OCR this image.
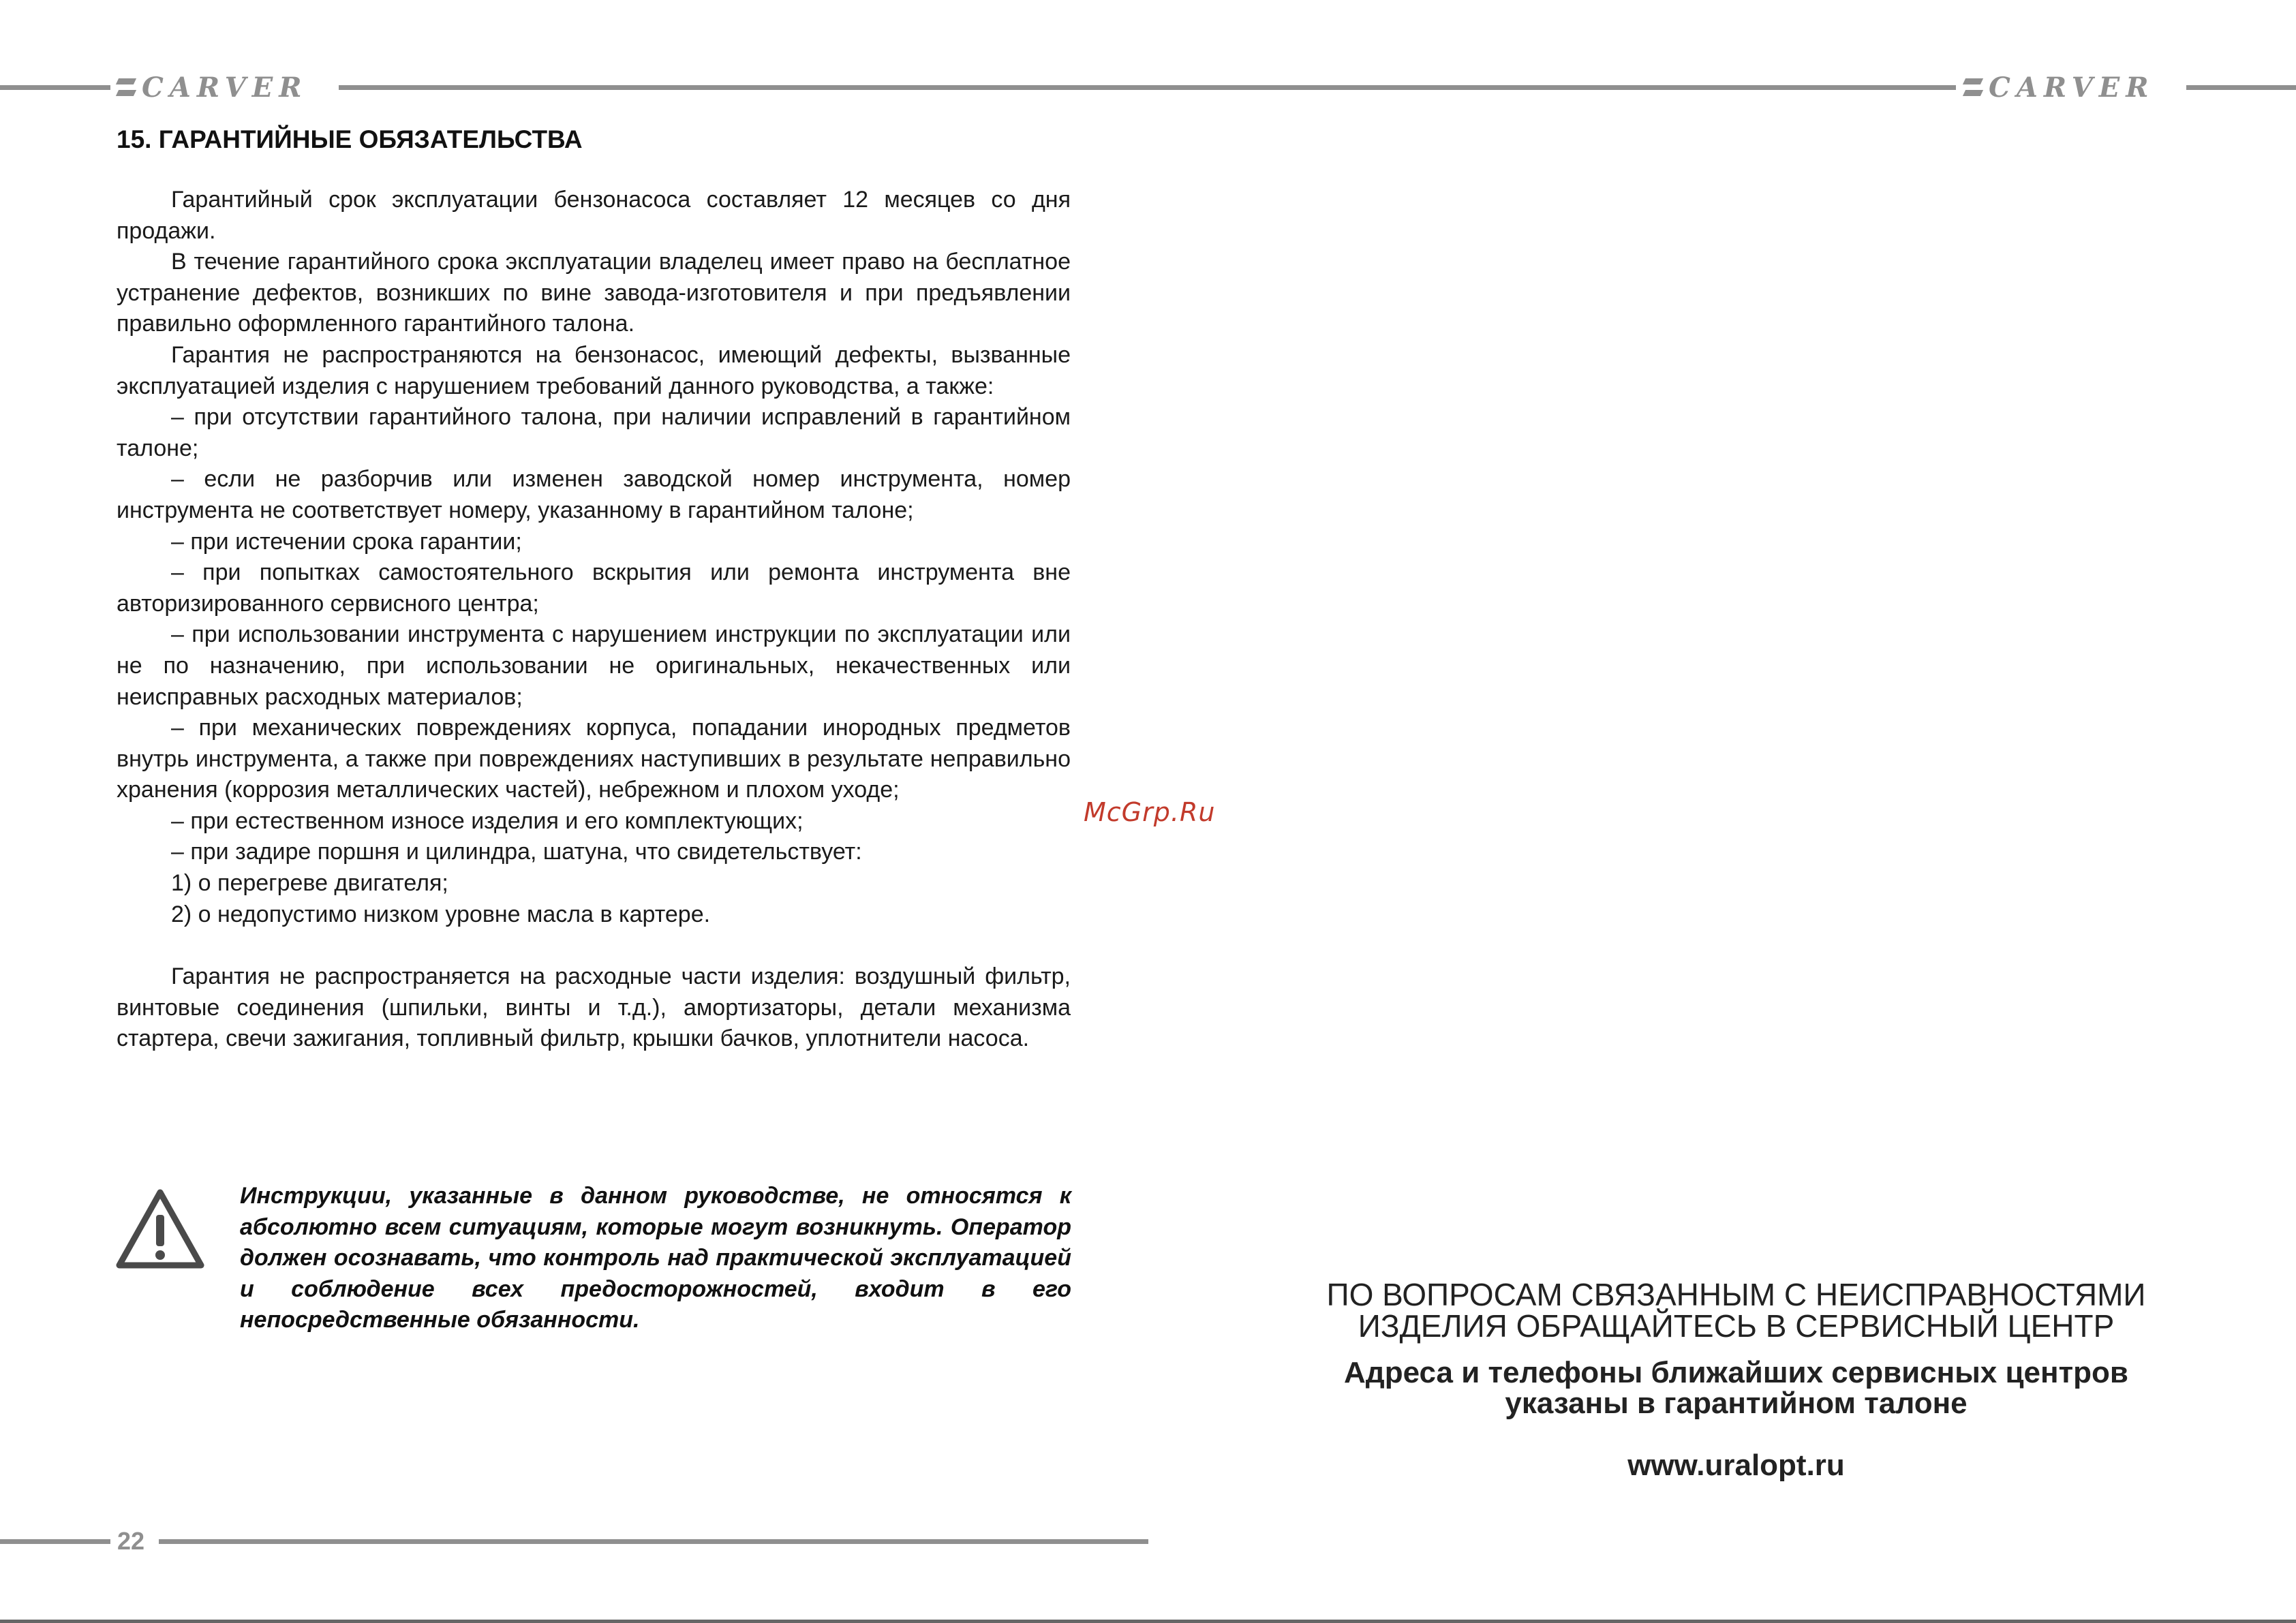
CARVER	CARVER
15. ГАРАНТИЙНЫЕ ОБЯЗАТЕЛЬСТВА

Гарантийный срок эксплуатации бензонасоса составляет 12 месяцев со дня продажи.

В течение гарантийного срока эксплуатации владелец имеет право на бесплатное устранение дефектов, возникших по вине завода-изготовителя и при предъявлении правильно оформленного гарантийного талона.

Гарантия не распространяются на бензонасос, имеющий дефекты, вызванные эксплуатацией изделия с нарушением требований данного руководства, а также:

– при отсутствии гарантийного талона, при наличии исправлений в гарантийном талоне;

– если не разборчив или изменен заводской номер инструмента, номер инструмента не соответствует номеру, указанному в гарантийном талоне;

– при истечении срока гарантии;

– при попытках самостоятельного вскрытия или ремонта инструмента вне авторизированного сервисного центра;

– при использовании инструмента с нарушением инструкции по эксплуатации или не по назначению, при использовании не оригинальных, некачественных или неисправных расходных материалов;

– при механических повреждениях корпуса, попадании инородных предметов внутрь инструмента, а также при повреждениях наступивших в результате неправильно хранения (коррозия металлических частей), небрежном и плохом уходе;

– при естественном износе изделия и его комплектующих;

– при задире поршня и цилиндра, шатуна, что свидетельствует:

1) о перегреве двигателя;

2) о недопустимо низком уровне масла в картере.

Гарантия не распространяется на расходные части изделия: воздушный фильтр, винтовые соединения (шпильки, винты и т.д.), амортизаторы, детали механизма стартера, свечи зажигания, топливный фильтр, крышки бачков, уплотнители насоса.

Инструкции, указанные в данном руководстве, не относятся к абсолютно всем ситуациям, которые могут возникнуть. Оператор должен осознавать, что контроль над практической эксплуатацией и соблюдение всех предосторожностей, входит в его непосредственные обязанности.
McGrp.Ru
22
ПО ВОПРОСАМ СВЯЗАННЫМ С НЕИСПРАВНОСТЯМИ
ИЗДЕЛИЯ ОБРАЩАЙТЕСЬ В СЕРВИСНЫЙ ЦЕНТР
Адреса и телефоны ближайших сервисных центров
указаны в гарантийном талоне
www.uralopt.ru
